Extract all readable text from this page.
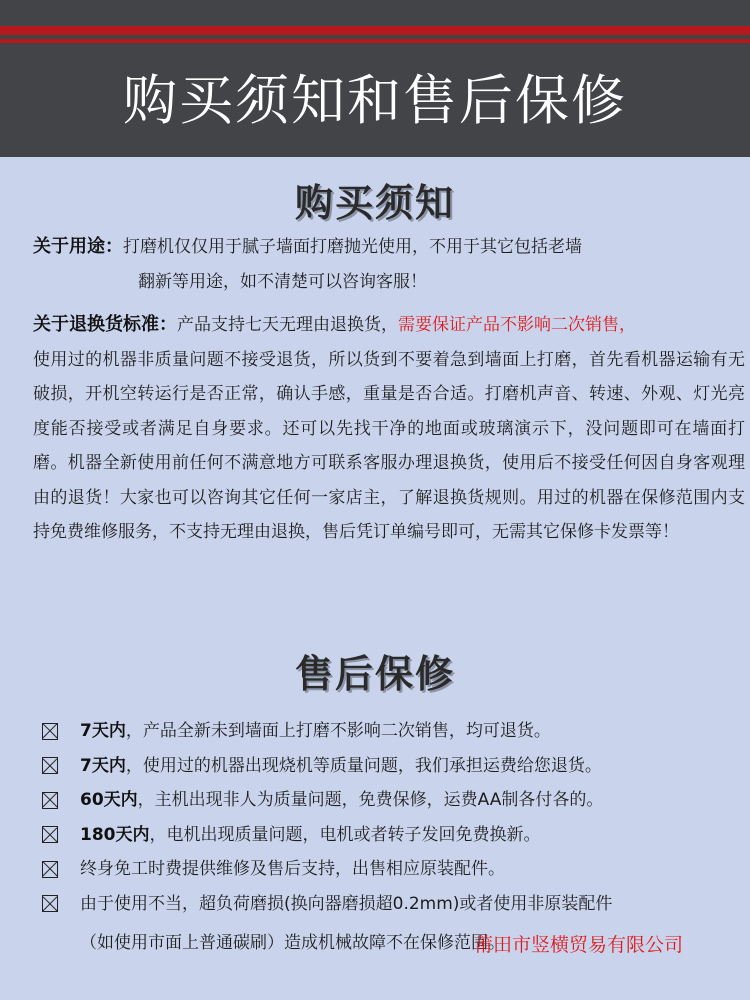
购买须知和售后保修
购买须知
关于用途：打磨机仅仅用于腻子墙面打磨抛光使用，不用于其它包括老墙
翻新等用途，如不清楚可以咨询客服！
关于退换货标准：产品支持七天无理由退换货，需要保证产品不影响二次销售，
使用过的机器非质量问题不接受退货，所以货到不要着急到墙面上打磨，首先看机器运输有无破损，开机空转运行是否正常，确认手感，重量是否合适。打磨机声音、转速、外观、灯光亮度能否接受或者满足自身要求。还可以先找干净的地面或玻璃演示下，没问题即可在墙面打磨。机器全新使用前任何不满意地方可联系客服办理退换货，使用后不接受任何因自身客观理由的退货！大家也可以咨询其它任何一家店主，了解退换货规则。用过的机器在保修范围内支持免费维修服务，不支持无理由退换，售后凭订单编号即可，无需其它保修卡发票等！
售后保修
7天内 ，产品全新未到墙面上打磨不影响二次销售，均可退货。
7天内 ，使用过的机器出现烧机等质量问题，我们承担运费给您退货。
60天内 ，主机出现非人为质量问题，免费保修，运费AA制各付各的。
180天内 ，电机出现质量问题，电机或者转子发回免费换新。
终身免工时费提供维修及售后支持，出售相应原装配件。
由于使用不当，超负荷磨损(换向器磨损超0.2mm)或者使用非原装配件
（如使用市面上普通碳刷）造成机械故障不在保修范围。
莆田市竖横贸易有限公司
